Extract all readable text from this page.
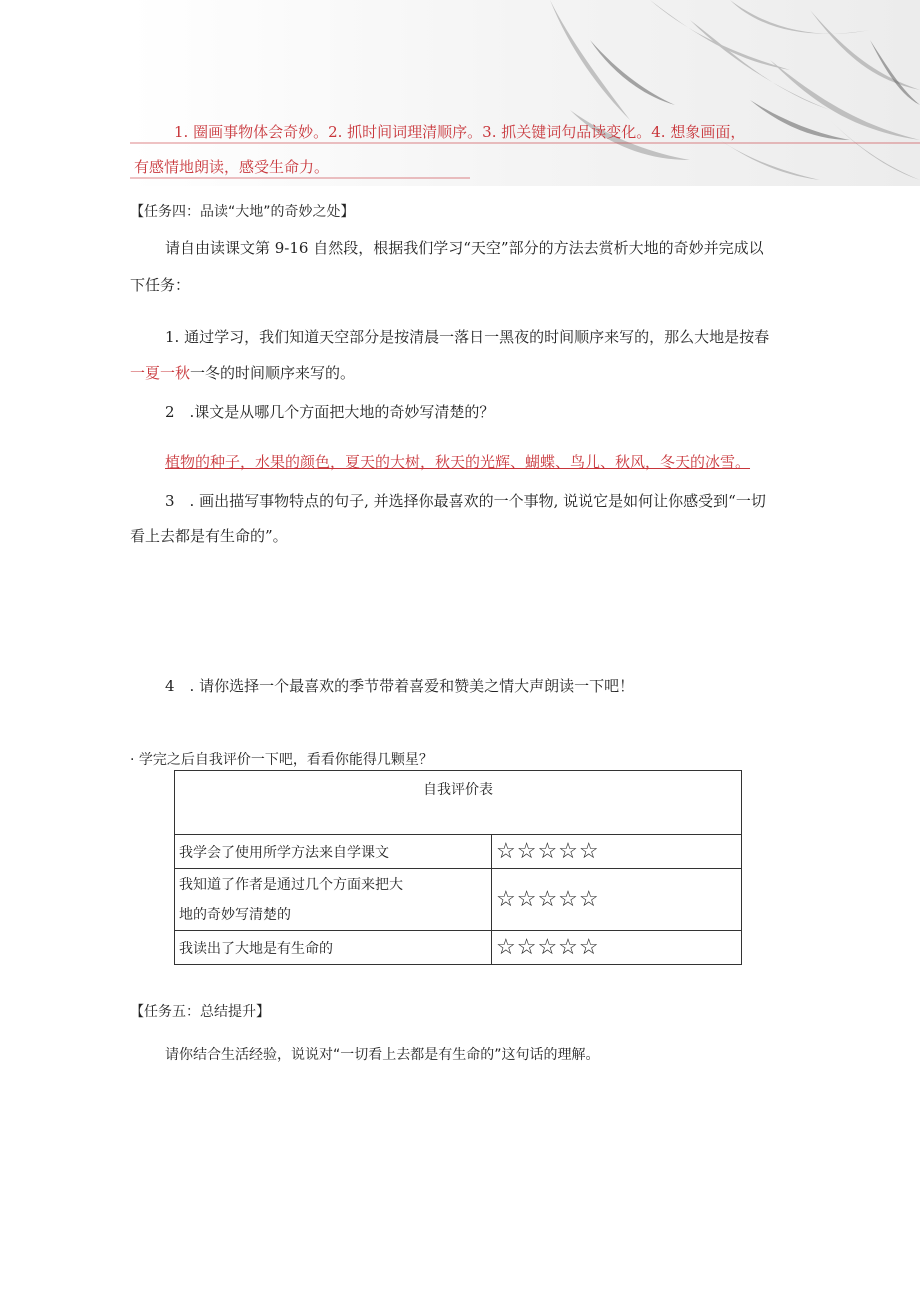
1. 圈画事物体会奇妙。2. 抓时间词理清顺序。3. 抓关键词句品读变化。4. 想象画面，
有感情地朗读，感受生命力。
【任务四：品读“大地”的奇妙之处】
请自由读课文第 9-16 自然段，根据我们学习“天空”部分的方法去赏析大地的奇妙并完成以
下任务：
1. 通过学习，我们知道天空部分是按清晨一落日一黑夜的时间顺序来写的，那么大地是按春
一夏一秋一冬的时间顺序来写的。
2　.课文是从哪几个方面把大地的奇妙写清楚的？
植物的种子，水果的颜色，夏天的大树，秋天的光辉、蝴蝶、鸟儿、秋风，冬天的冰雪。
3　. 画出描写事物特点的句子, 并选择你最喜欢的一个事物, 说说它是如何让你感受到“一切
看上去都是有生命的”。
4　. 请你选择一个最喜欢的季节带着喜爱和赞美之情大声朗读一下吧！
· 学完之后自我评价一下吧，看看你能得几颗星？
自我评价表	
我学会了使用所学方法来自学课文	☆☆☆☆☆

我知道了作者是通过几个方面来把大
地的奇妙写清楚的	☆☆☆☆☆
我读出了大地是有生命的	☆☆☆☆☆
【任务五：总结提升】
请你结合生活经验，说说对“一切看上去都是有生命的”这句话的理解。
